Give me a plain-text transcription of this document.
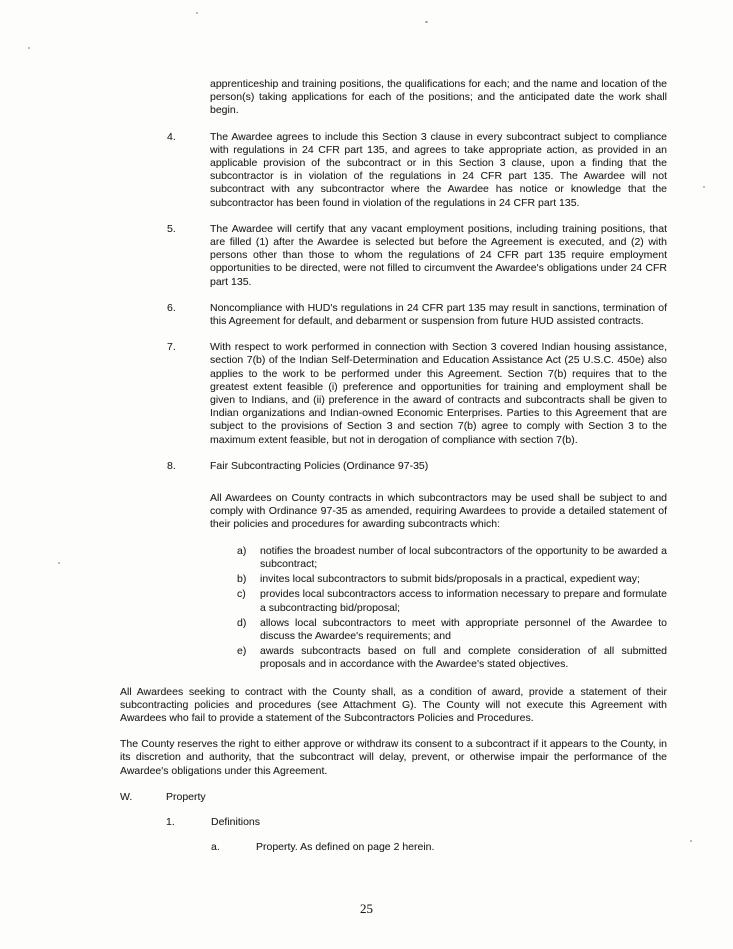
apprenticeship and training positions, the qualifications for each; and the name and location of the person(s) taking applications for each of the positions; and the anticipated date the work shall begin.

4.	The Awardee agrees to include this Section 3 clause in every subcontract subject to compliance with regulations in 24 CFR part 135, and agrees to take appropriate action, as provided in an applicable provision of the subcontract or in this Section 3 clause, upon a finding that the subcontractor is in violation of the regulations in 24 CFR part 135. The Awardee will not subcontract with any subcontractor where the Awardee has notice or knowledge that the subcontractor has been found in violation of the regulations in 24 CFR part 135.

5.	The Awardee will certify that any vacant employment positions, including training positions, that are filled (1) after the Awardee is selected but before the Agreement is executed, and (2) with persons other than those to whom the regulations of 24 CFR part 135 require employment opportunities to be directed, were not filled to circumvent the Awardee's obligations under 24 CFR part 135.

6.	Noncompliance with HUD's regulations in 24 CFR part 135 may result in sanctions, termination of this Agreement for default, and debarment or suspension from future HUD assisted contracts.

7.	With respect to work performed in connection with Section 3 covered Indian housing assistance, section 7(b) of the Indian Self-Determination and Education Assistance Act (25 U.S.C. 450e) also applies to the work to be performed under this Agreement. Section 7(b) requires that to the greatest extent feasible (i) preference and opportunities for training and employment shall be given to Indians, and (ii) preference in the award of contracts and subcontracts shall be given to Indian organizations and Indian-owned Economic Enterprises. Parties to this Agreement that are subject to the provisions of Section 3 and section 7(b) agree to comply with Section 3 to the maximum extent feasible, but not in derogation of compliance with section 7(b).

8.	Fair Subcontracting Policies (Ordinance 97-35)

All Awardees on County contracts in which subcontractors may be used shall be subject to and comply with Ordinance 97-35 as amended, requiring Awardees to provide a detailed statement of their policies and procedures for awarding subcontracts which:

a)	notifies the broadest number of local subcontractors of the opportunity to be awarded a subcontract;

b)	invites local subcontractors to submit bids/proposals in a practical, expedient way;

c)	provides local subcontractors access to information necessary to prepare and formulate a subcontracting bid/proposal;

d)	allows local subcontractors to meet with appropriate personnel of the Awardee to discuss the Awardee's requirements; and

e)	awards subcontracts based on full and complete consideration of all submitted proposals and in accordance with the Awardee's stated objectives.

All Awardees seeking to contract with the County shall, as a condition of award, provide a statement of their subcontracting policies and procedures (see Attachment G). The County will not execute this Agreement with Awardees who fail to provide a statement of the Subcontractors Policies and Procedures.

The County reserves the right to either approve or withdraw its consent to a subcontract if it appears to the County, in its discretion and authority, that the subcontract will delay, prevent, or otherwise impair the performance of the Awardee's obligations under this Agreement.

W.	Property

1.	Definitions

a.	Property. As defined on page 2 herein.

25
